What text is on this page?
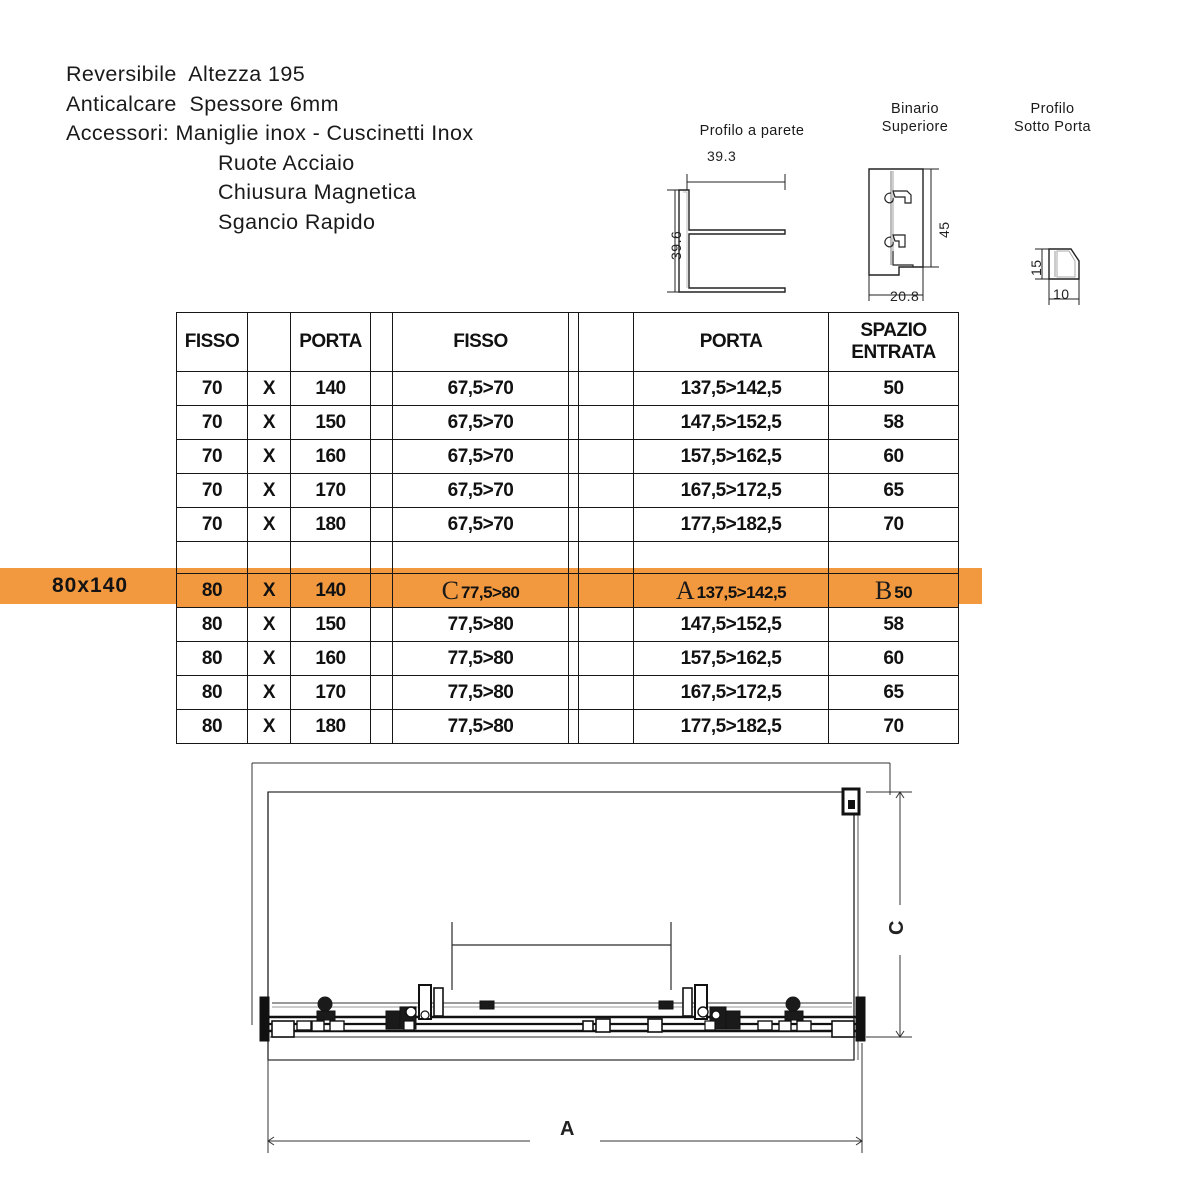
Reversibile  Altezza 195
Anticalcare  Spessore 6mm
Accessori: Maniglie inox - Cuscinetti Inox
Ruote Acciaio
Chiusura Magnetica
Sgancio Rapido
Profilo a parete
Binario
Superiore
Profilo
Sotto Porta
39.3
39.6
45
20.8
15
10
80x140
FISSO		PORTA		FISSO			PORTA	SPAZIO
ENTRATA

70	X	140		67,5>70			137,5>142,5	50
70	X	150		67,5>70			147,5>152,5	58
70	X	160		67,5>70			157,5>162,5	60
70	X	170		67,5>70			167,5>172,5	65
70	X	180		67,5>70			177,5>182,5	70

80	X	140		C 77,5>80			A 137,5>142,5	B 50
80	X	150		77,5>80			147,5>152,5	58
80	X	160		77,5>80			157,5>162,5	60
80	X	170		77,5>80			167,5>172,5	65
80	X	180		77,5>80			177,5>182,5	70
C
A
